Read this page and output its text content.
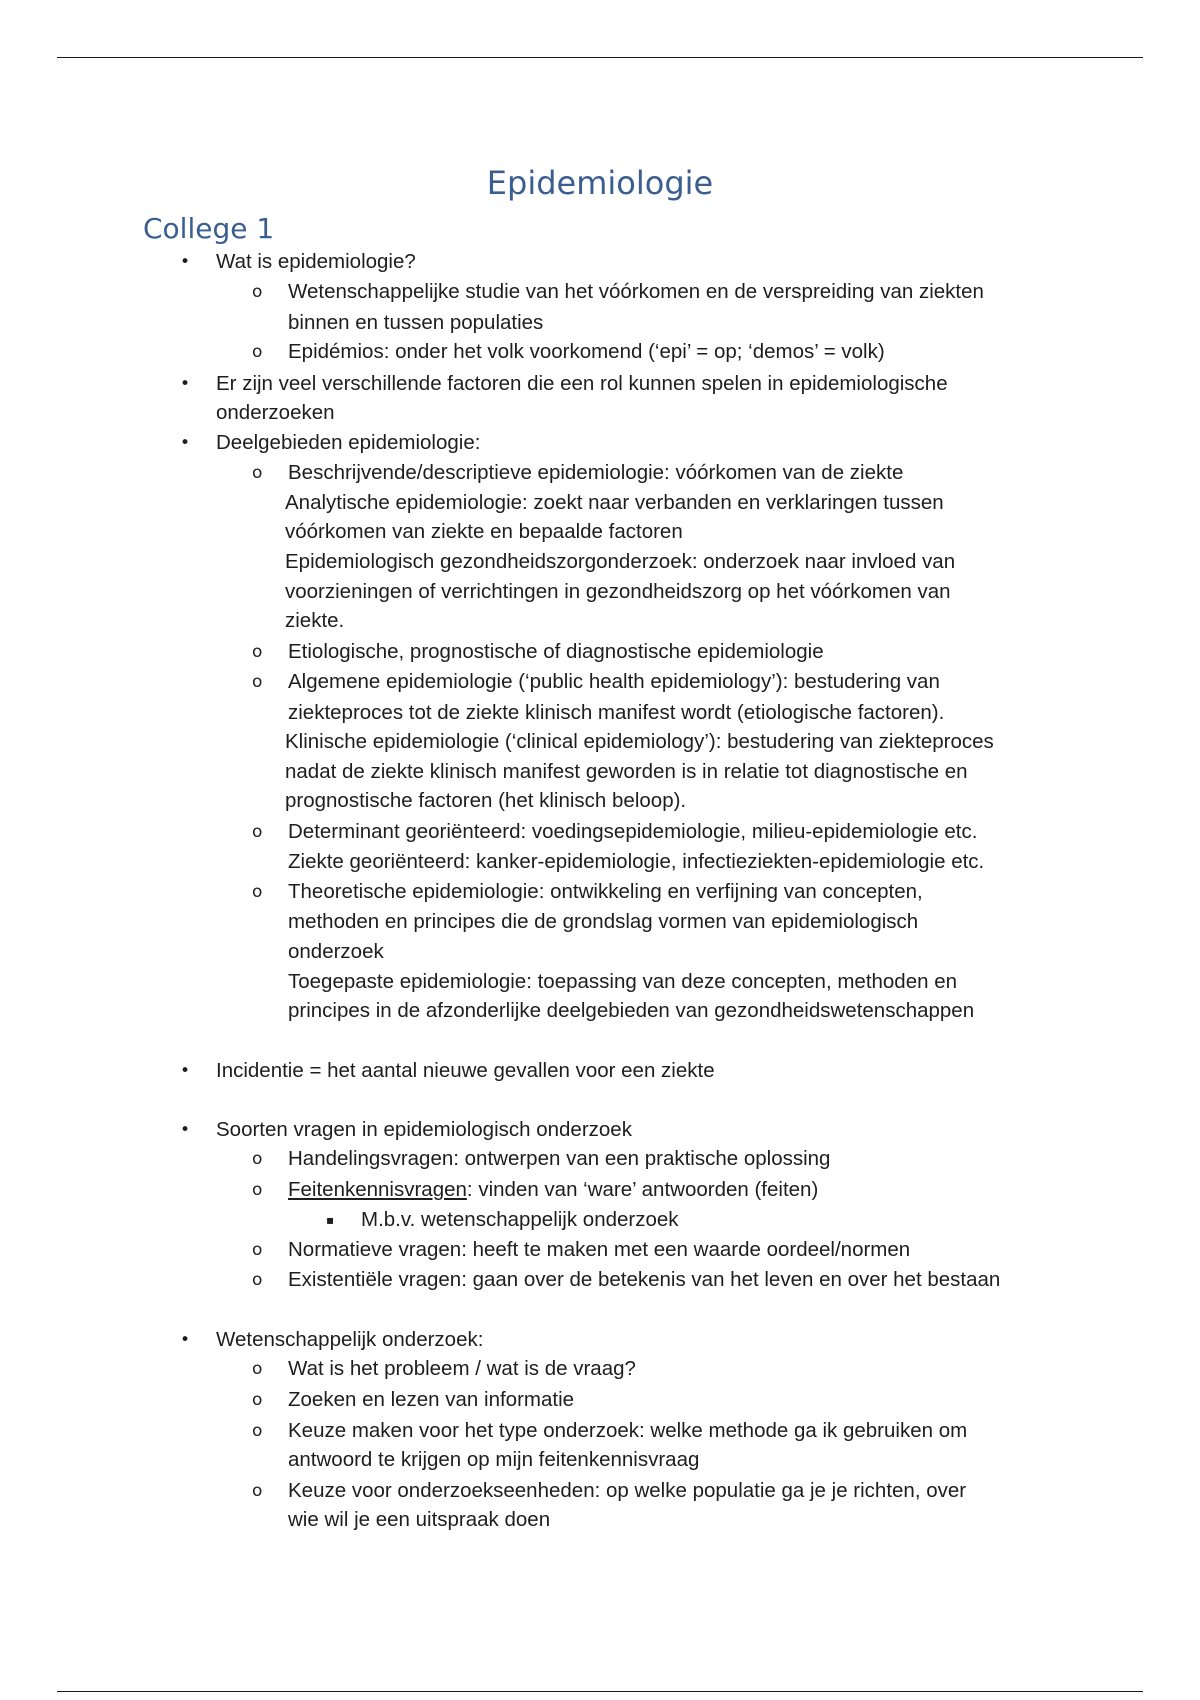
Epidemiologie
College 1
• Wat is epidemiologie?
o Wetenschappelijke studie van het vóórkomen en de verspreiding van ziekten
binnen en tussen populaties
o Epidémios: onder het volk voorkomend (‘epi’ = op; ‘demos’ = volk)
• Er zijn veel verschillende factoren die een rol kunnen spelen in epidemiologische
onderzoeken
• Deelgebieden epidemiologie:
o Beschrijvende/descriptieve epidemiologie: vóórkomen van de ziekte
Analytische epidemiologie: zoekt naar verbanden en verklaringen tussen
vóórkomen van ziekte en bepaalde factoren
Epidemiologisch gezondheidszorgonderzoek: onderzoek naar invloed van
voorzieningen of verrichtingen in gezondheidszorg op het vóórkomen van
ziekte.
o Etiologische, prognostische of diagnostische epidemiologie
o Algemene epidemiologie (‘public health epidemiology’): bestudering van
ziekteproces tot de ziekte klinisch manifest wordt (etiologische factoren).
Klinische epidemiologie (‘clinical epidemiology’): bestudering van ziekteproces
nadat de ziekte klinisch manifest geworden is in relatie tot diagnostische en
prognostische factoren (het klinisch beloop).
o Determinant georiënteerd: voedingsepidemiologie, milieu-epidemiologie etc.
Ziekte georiënteerd: kanker-epidemiologie, infectieziekten-epidemiologie etc.
o Theoretische epidemiologie: ontwikkeling en verfijning van concepten,
methoden en principes die de grondslag vormen van epidemiologisch
onderzoek
Toegepaste epidemiologie: toepassing van deze concepten, methoden en
principes in de afzonderlijke deelgebieden van gezondheidswetenschappen
• Incidentie = het aantal nieuwe gevallen voor een ziekte
• Soorten vragen in epidemiologisch onderzoek
o Handelingsvragen: ontwerpen van een praktische oplossing
o Feitenkennisvragen: vinden van ‘ware’ antwoorden (feiten)
▪ M.b.v. wetenschappelijk onderzoek
o Normatieve vragen: heeft te maken met een waarde oordeel/normen
o Existentiële vragen: gaan over de betekenis van het leven en over het bestaan
• Wetenschappelijk onderzoek:
o Wat is het probleem / wat is de vraag?
o Zoeken en lezen van informatie
o Keuze maken voor het type onderzoek: welke methode ga ik gebruiken om
antwoord te krijgen op mijn feitenkennisvraag
o Keuze voor onderzoekseenheden: op welke populatie ga je je richten, over
wie wil je een uitspraak doen
